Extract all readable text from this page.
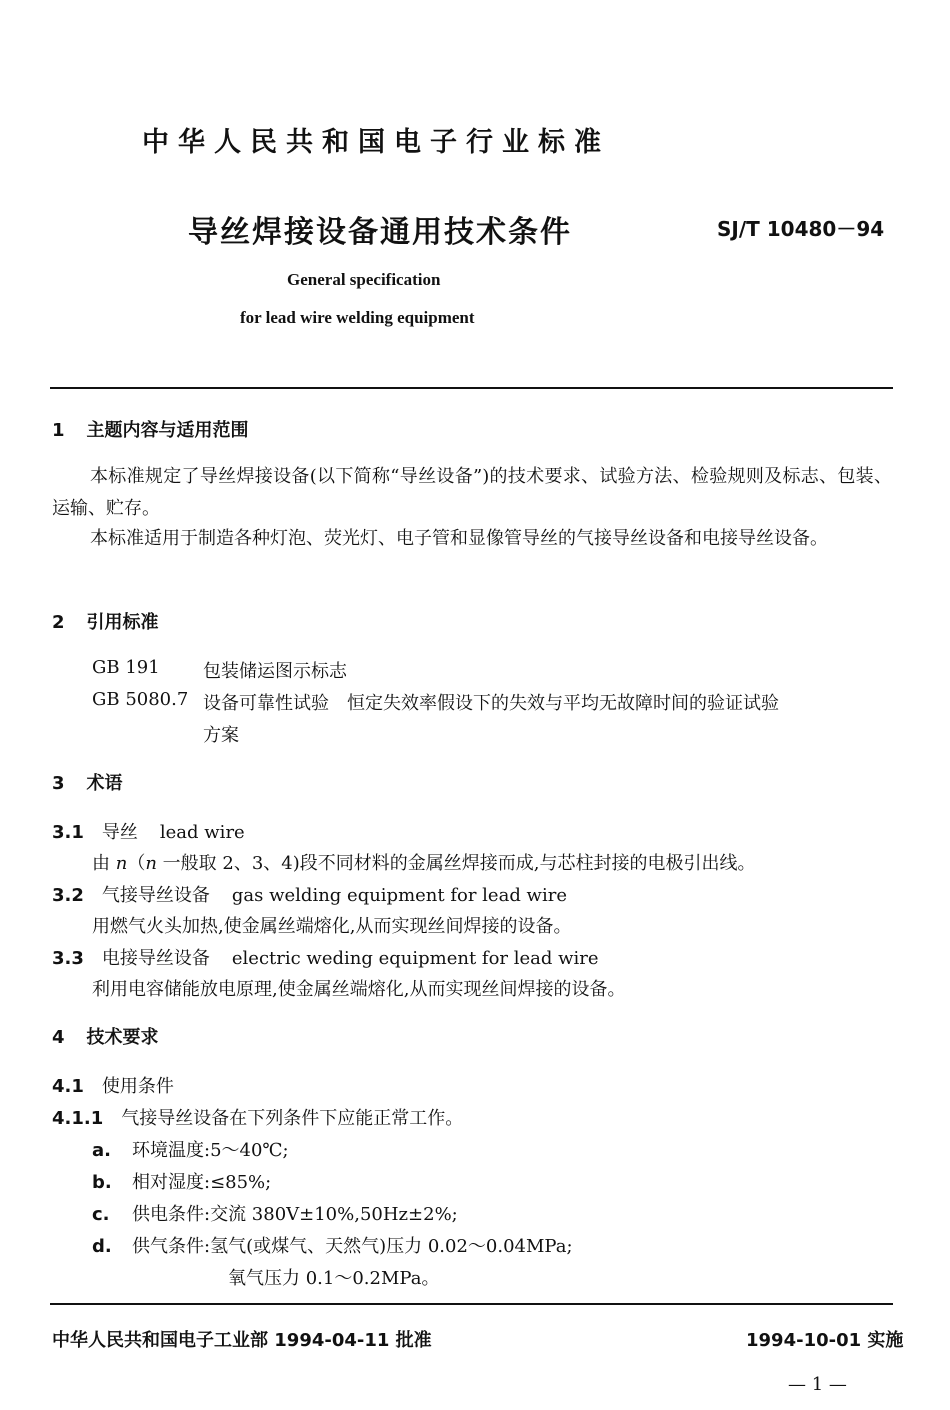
中华人民共和国电子行业标准
导丝焊接设备通用技术条件	SJ/T 10480－94
General specification
for lead wire welding equipment
1 主题内容与适用范围
本标准规定了导丝焊接设备(以下简称“导丝设备”)的技术要求、试验方法、检验规则及标志、包装、运输、贮存。
本标准适用于制造各种灯泡、荧光灯、电子管和显像管导丝的气接导丝设备和电接导丝设备。
2 引用标准
GB 191 包装储运图示标志
GB 5080.7 设备可靠性试验　恒定失效率假设下的失效与平均无故障时间的验证试验
方案
3 术语
3.1 导丝 lead wire
由 n（n 一般取 2、3、4)段不同材料的金属丝焊接而成,与芯柱封接的电极引出线。
3.2 气接导丝设备 gas welding equipment for lead wire
用燃气火头加热,使金属丝端熔化,从而实现丝间焊接的设备。
3.3 电接导丝设备 electric weding equipment for lead wire
利用电容储能放电原理,使金属丝端熔化,从而实现丝间焊接的设备。
4 技术要求
4.1 使用条件
4.1.1 气接导丝设备在下列条件下应能正常工作。
a. 环境温度:5～40℃;
b. 相对湿度:≤85%;
c. 供电条件:交流 380V±10%,50Hz±2%;
d. 供气条件:氢气(或煤气、天然气)压力 0.02～0.04MPa;
氧气压力 0.1～0.2MPa。
中华人民共和国电子工业部 1994-04-11 批准	1994-10-01 实施
— 1 —
